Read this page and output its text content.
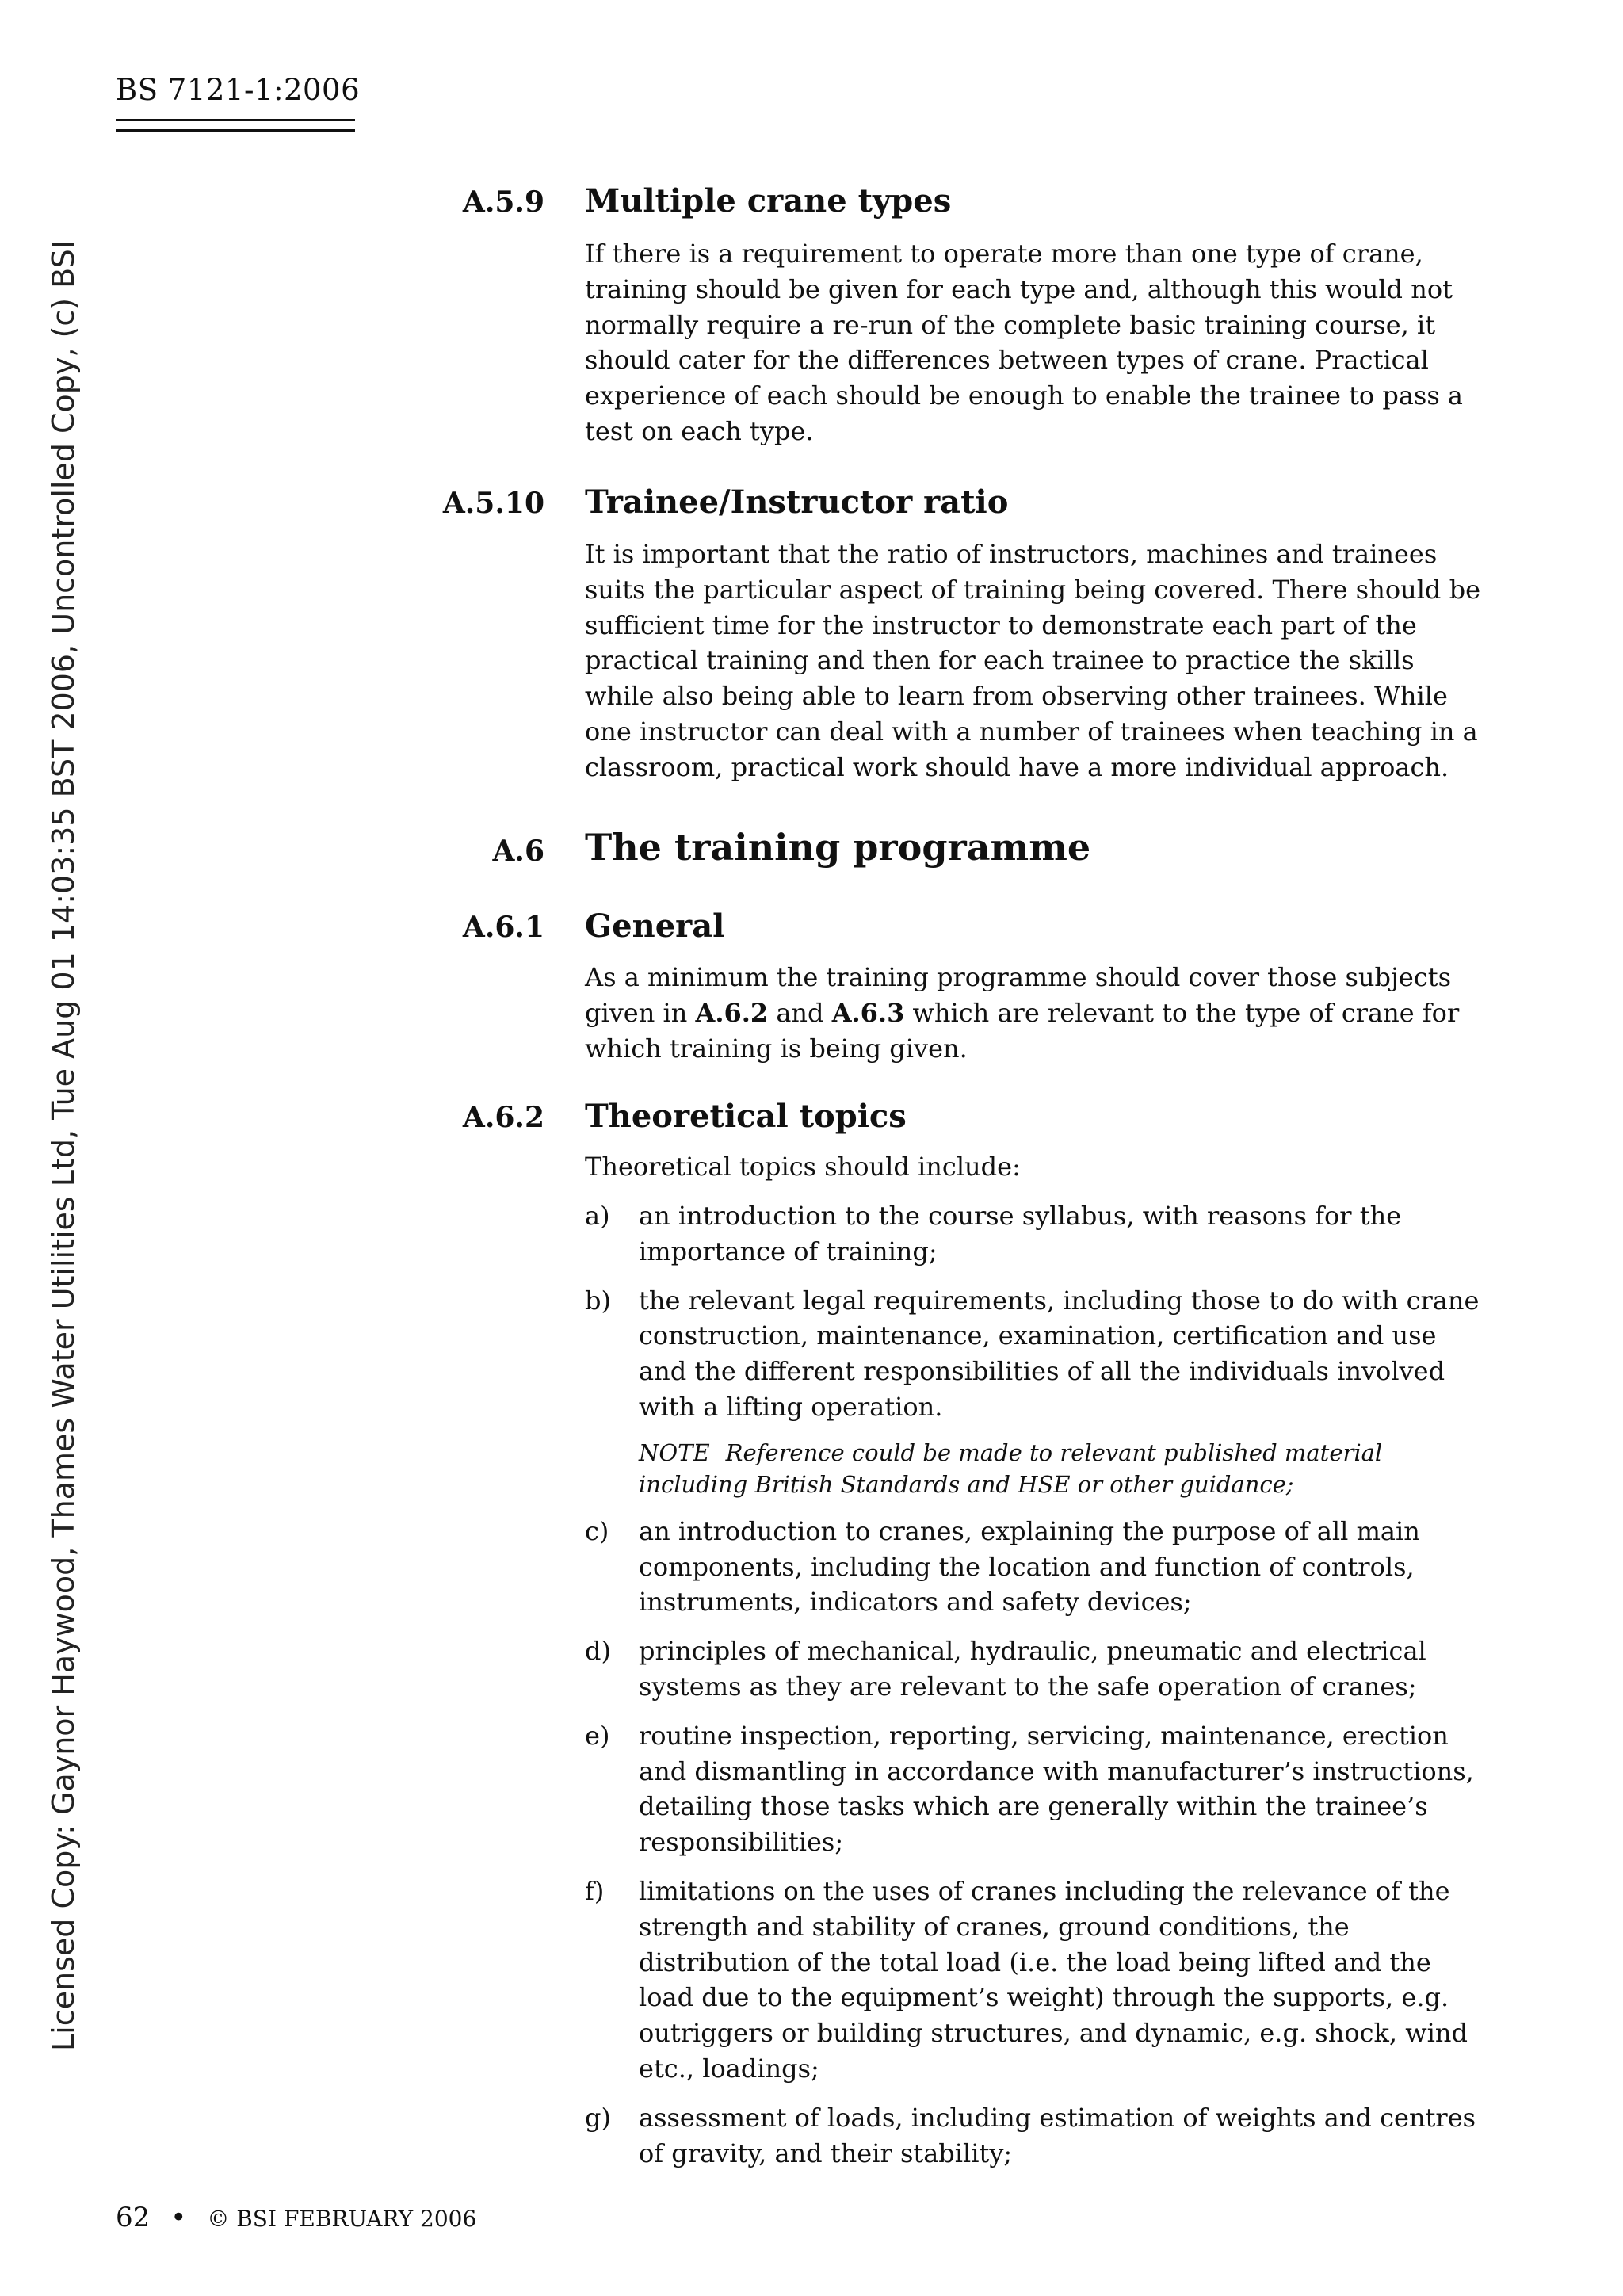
BS 7121-1:2006
Licensed Copy: Gaynor Haywood, Thames Water Utilities Ltd, Tue Aug 01 14:03:35 BST 2006, Uncontrolled Copy, (c) BSI
A.5.9 Multiple crane types
If there is a requirement to operate more than one type of crane, training should be given for each type and, although this would not normally require a re-run of the complete basic training course, it should cater for the differences between types of crane. Practical experience of each should be enough to enable the trainee to pass a test on each type.
A.5.10 Trainee/Instructor ratio
It is important that the ratio of instructors, machines and trainees suits the particular aspect of training being covered. There should be sufficient time for the instructor to demonstrate each part of the practical training and then for each trainee to practice the skills while also being able to learn from observing other trainees. While one instructor can deal with a number of trainees when teaching in a classroom, practical work should have a more individual approach.
A.6 The training programme
A.6.1 General
As a minimum the training programme should cover those subjects given in A.6.2 and A.6.3 which are relevant to the type of crane for which training is being given.
A.6.2 Theoretical topics
Theoretical topics should include:
a) an introduction to the course syllabus, with reasons for the importance of training;
b) the relevant legal requirements, including those to do with crane construction, maintenance, examination, certification and use and the different responsibilities of all the individuals involved with a lifting operation.
NOTE Reference could be made to relevant published material including British Standards and HSE or other guidance;
c) an introduction to cranes, explaining the purpose of all main components, including the location and function of controls, instruments, indicators and safety devices;
d) principles of mechanical, hydraulic, pneumatic and electrical systems as they are relevant to the safe operation of cranes;
e) routine inspection, reporting, servicing, maintenance, erection and dismantling in accordance with manufacturer’s instructions, detailing those tasks which are generally within the trainee’s responsibilities;
f) limitations on the uses of cranes including the relevance of the strength and stability of cranes, ground conditions, the distribution of the total load (i.e. the load being lifted and the load due to the equipment’s weight) through the supports, e.g. outriggers or building structures, and dynamic, e.g. shock, wind etc., loadings;
g) assessment of loads, including estimation of weights and centres of gravity, and their stability;
62 • © BSI FEBRUARY 2006
